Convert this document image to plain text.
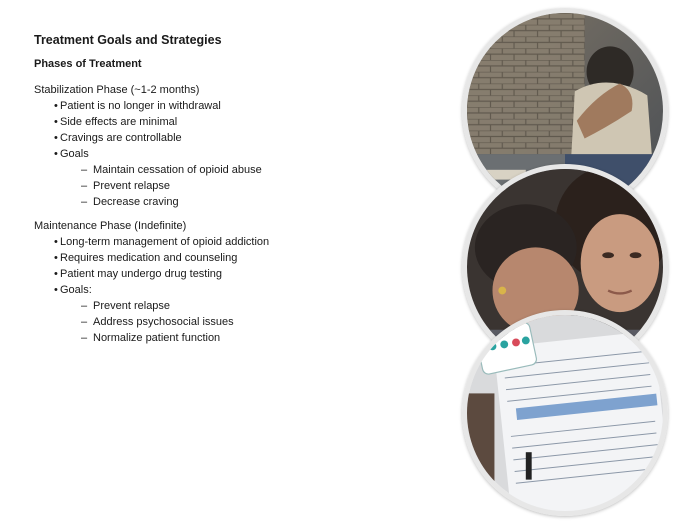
Treatment Goals and Strategies
Phases of Treatment

Stabilization Phase (~1-2 months)

• Patient is no longer in withdrawal
• Side effects are minimal
• Cravings are controllable
• Goals
– Maintain cessation of opioid abuse
– Prevent relapse
– Decrease craving

Maintenance Phase (Indefinite)

• Long-term management of opioid addiction
• Requires medication and counseling
• Patient may undergo drug testing
• Goals:
– Prevent relapse
– Address psychosocial issues
– Normalize patient function
